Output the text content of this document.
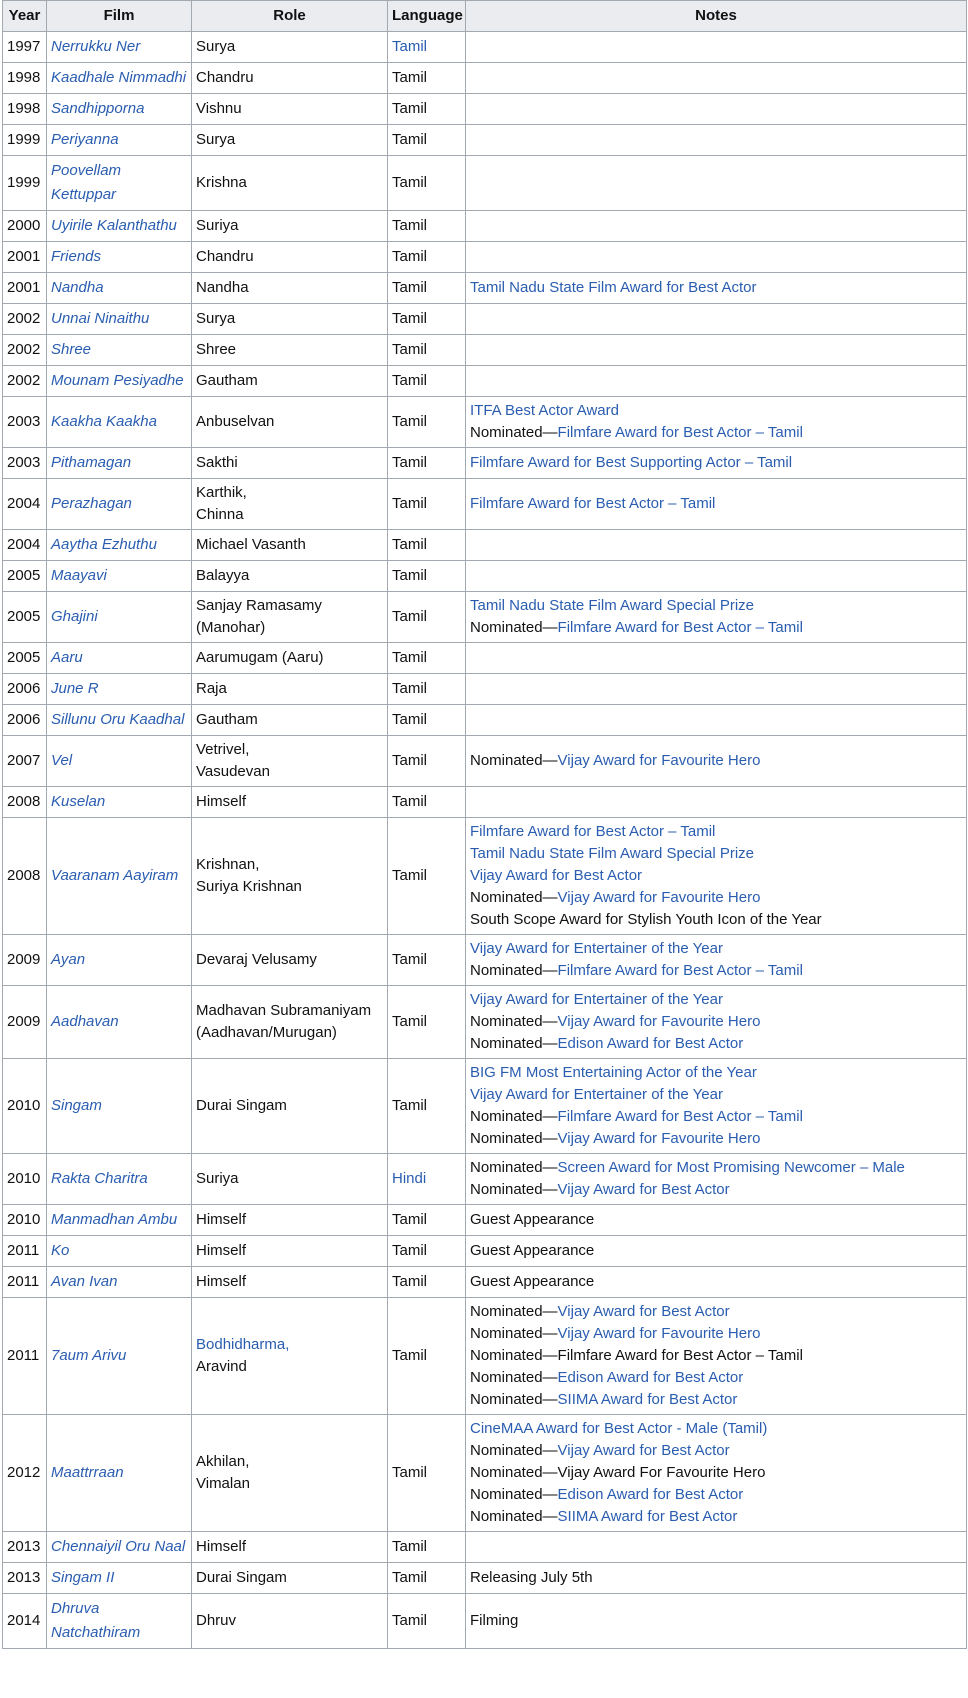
Year	Film	Role	Language	Notes
1997	Nerrukku Ner	Surya	Tamil	
1998	Kaadhale Nimmadhi	Chandru	Tamil	
1998	Sandhipporna	Vishnu	Tamil	
1999	Periyanna	Surya	Tamil	
1999	Poovellam Kettuppar	Krishna	Tamil	
2000	Uyirile Kalanthathu	Suriya	Tamil	
2001	Friends	Chandru	Tamil	
2001	Nandha	Nandha	Tamil	Tamil Nadu State Film Award for Best Actor

2002	Unnai Ninaithu	Surya	Tamil	
2002	Shree	Shree	Tamil	
2002	Mounam Pesiyadhe	Gautham	Tamil	
2003	Kaakha Kaakha	Anbuselvan	Tamil	ITFA Best Actor Award
Nominated—Filmfare Award for Best Actor – Tamil

2003	Pithamagan	Sakthi	Tamil	Filmfare Award for Best Supporting Actor – Tamil

2004	Perazhagan	Karthik,
Chinna	Tamil	Filmfare Award for Best Actor – Tamil

2004	Aaytha Ezhuthu	Michael Vasanth	Tamil	
2005	Maayavi	Balayya	Tamil	
2005	Ghajini	Sanjay Ramasamy (Manohar)	Tamil	Tamil Nadu State Film Award Special Prize
Nominated—Filmfare Award for Best Actor – Tamil

2005	Aaru	Aarumugam (Aaru)	Tamil	
2006	June R	Raja	Tamil	
2006	Sillunu Oru Kaadhal	Gautham	Tamil	
2007	Vel	Vetrivel,
Vasudevan	Tamil	Nominated—Vijay Award for Favourite Hero

2008	Kuselan	Himself	Tamil	
2008	Vaaranam Aayiram	Krishnan,
Suriya Krishnan	Tamil	Filmfare Award for Best Actor – Tamil
Tamil Nadu State Film Award Special Prize
Vijay Award for Best Actor
Nominated—Vijay Award for Favourite Hero
South Scope Award for Stylish Youth Icon of the Year

2009	Ayan	Devaraj Velusamy	Tamil	Vijay Award for Entertainer of the Year
Nominated—Filmfare Award for Best Actor – Tamil

2009	Aadhavan	Madhavan Subramaniyam
(Aadhavan/Murugan)	Tamil	Vijay Award for Entertainer of the Year
Nominated—Vijay Award for Favourite Hero
Nominated—Edison Award for Best Actor

2010	Singam	Durai Singam	Tamil	BIG FM Most Entertaining Actor of the Year
Vijay Award for Entertainer of the Year
Nominated—Filmfare Award for Best Actor – Tamil
Nominated—Vijay Award for Favourite Hero

2010	Rakta Charitra	Suriya	Hindi	Nominated—Screen Award for Most Promising Newcomer – Male
Nominated—Vijay Award for Best Actor

2010	Manmadhan Ambu	Himself	Tamil	Guest Appearance

2011	Ko	Himself	Tamil	Guest Appearance

2011	Avan Ivan	Himself	Tamil	Guest Appearance

2011	7aum Arivu	Bodhidharma,
Aravind	Tamil	Nominated—Vijay Award for Best Actor
Nominated—Vijay Award for Favourite Hero
Nominated—Filmfare Award for Best Actor – Tamil
Nominated—Edison Award for Best Actor
Nominated—SIIMA Award for Best Actor

2012	Maattrraan	Akhilan,
Vimalan	Tamil	CineMAA Award for Best Actor - Male (Tamil)
Nominated—Vijay Award for Best Actor
Nominated—Vijay Award For Favourite Hero
Nominated—Edison Award for Best Actor
Nominated—SIIMA Award for Best Actor

2013	Chennaiyil Oru Naal	Himself	Tamil	
2013	Singam II	Durai Singam	Tamil	Releasing July 5th

2014	Dhruva Natchathiram	Dhruv	Tamil	Filming
